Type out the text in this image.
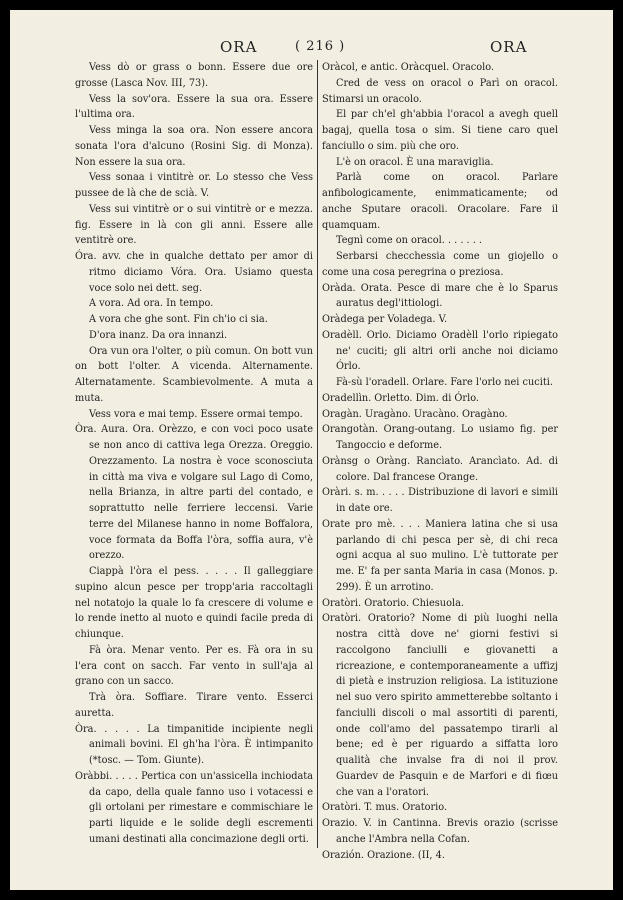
ORA	( 216 )	ORA

Vess dò or grass o bonn. Essere due ore grosse (Lasca Nov. III, 73).

Vess la sov'ora. Essere la sua ora. Essere l'ultima ora.

Vess minga la soa ora. Non essere ancora sonata l'ora d'alcuno (Rosini Sig. di Monza). Non essere la sua ora.

Vess sonaa i vintitrè or. Lo stesso che Vess pussee de là che de scià. V.

Vess sui vintitrè or o sui vintitrè or e mezza. fig. Essere in là con gli anni. Essere alle ventitrè ore.

Óra. avv. che in qualche dettato per amor di ritmo diciamo Vóra. Ora. Usiamo questa voce solo nei dett. seg.

A vora. Ad ora. In tempo.

A vora che ghe sont. Fin ch'io ci sia.

D'ora inanz. Da ora innanzi.

Ora vun ora l'olter, o più comun. On bott vun on bott l'olter. A vicenda. Alternamente. Alternatamente. Scambievolmente. A muta a muta.

Vess vora e mai temp. Essere ormai tempo.

Òra. Aura. Ora. Orèzzo, e con voci poco usate se non anco di cattiva lega Orezza. Oreggio. Orezzamento. La nostra è voce sconosciuta in città ma viva e volgare sul Lago di Como, nella Brianza, in altre parti del contado, e soprattutto nelle ferriere leccensi. Varie terre del Milanese hanno in nome Boffalora, voce formata da Boffa l'òra, soffia aura, v'è orezzo.

Ciappà l'òra el pess. . . . . Il galleggiare supino alcun pesce per tropp'aria raccoltagli nel notatojo la quale lo fa crescere di volume e lo rende inetto al nuoto e quindi facile preda di chiunque.

Fà òra. Menar vento. Per es. Fà ora in su l'era cont on sacch. Far vento in sull'aja al grano con un sacco.

Trà òra. Soffiare. Tirare vento. Esserci auretta.

Òra. . . . . La timpanitide incipiente negli animali bovini. El gh'ha l'òra. È intimpanito (*tosc. — Tom. Giunte).

Oràbbi. . . . . Pertica con un'assicella inchiodata da capo, della quale fanno uso i votacessi e gli ortolani per rimestare e commischiare le parti liquide e le solide degli escrementi umani destinati alla concimazione degli orti.

Oràcol, e antic. Oràcquel. Oracolo.

Cred de vess on oracol o Parì on oracol. Stimarsi un oracolo.

El par ch'el gh'abbia l'oracol a avegh quell bagaj, quella tosa o sim. Si tiene caro quel fanciullo o sim. più che oro.

L'è on oracol. È una maraviglia.

Parlà come on oracol. Parlare anfibologicamente, enimmaticamente; od anche Sputare oracoli. Oracolare. Fare il quamquam.

Tegnì come on oracol. . . . . . .

Serbarsi checchessia come un giojello o come una cosa peregrina o preziosa.

Oràda. Orata. Pesce di mare che è lo Sparus auratus degl'ittiologi.

Oràdega per Voladega. V.

Oradèll. Orlo. Diciamo Oradèll l'orlo ripiegato ne' cuciti; gli altri orli anche noi diciamo Órlo.

Fà-sù l'oradell. Orlare. Fare l'orlo nei cuciti.

Oradellìn. Orletto. Dim. di Órlo.

Oragàn. Uragàno. Uracàno. Oragàno.

Orangotàn. Orang-outang. Lo usiamo fig. per Tangoccio e deforme.

Orànsg o Oràng. Rancìato. Arancìato. Ad. di colore. Dal francese Orange.

Oràri. s. m. . . . . Distribuzione di lavori e simili in date ore.

Orate pro mè. . . . Maniera latina che si usa parlando di chi pesca per sè, di chi reca ogni acqua al suo mulino. L'è tuttorate per me. E' fa per santa Maria in casa (Monos. p. 299). È un arrotino.

Oratòri. Oratorio. Chiesuola.

Oratòri. Oratorio? Nome di più luoghi nella nostra città dove ne' giorni festivi si raccolgono fanciulli e giovanetti a ricreazione, e contemporaneamente a uffizj di pietà e instruzion religiosa. La istituzione nel suo vero spirito ammetterebbe soltanto i fanciulli discoli o mal assortiti di parenti, onde coll'amo del passatempo tirarli al bene; ed è per riguardo a siffatta loro qualità che invalse fra di noi il prov. Guardev de Pasquin e de Marfori e di fiœu che van a l'oratori.

Oratòri. T. mus. Oratorio.

Orazio. V. in Cantinna. Brevis orazio (scrisse anche l'Ambra nella Cofan.

Orazión. Orazione. (II, 4.
